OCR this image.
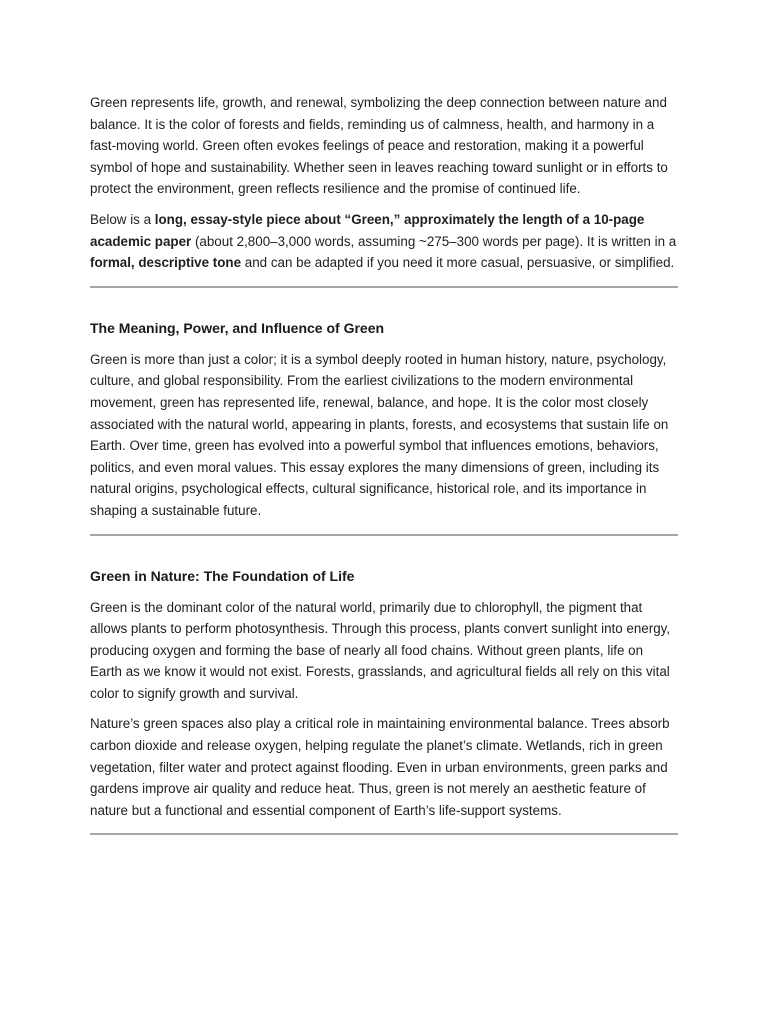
Green represents life, growth, and renewal, symbolizing the deep connection between nature and balance. It is the color of forests and fields, reminding us of calmness, health, and harmony in a fast-moving world. Green often evokes feelings of peace and restoration, making it a powerful symbol of hope and sustainability. Whether seen in leaves reaching toward sunlight or in efforts to protect the environment, green reflects resilience and the promise of continued life.

Below is a long, essay-style piece about “Green,” approximately the length of a 10-page academic paper (about 2,800–3,000 words, assuming ~275–300 words per page). It is written in a formal, descriptive tone and can be adapted if you need it more casual, persuasive, or simplified.

The Meaning, Power, and Influence of Green

Green is more than just a color; it is a symbol deeply rooted in human history, nature, psychology, culture, and global responsibility. From the earliest civilizations to the modern environmental movement, green has represented life, renewal, balance, and hope. It is the color most closely associated with the natural world, appearing in plants, forests, and ecosystems that sustain life on Earth. Over time, green has evolved into a powerful symbol that influences emotions, behaviors, politics, and even moral values. This essay explores the many dimensions of green, including its natural origins, psychological effects, cultural significance, historical role, and its importance in shaping a sustainable future.

Green in Nature: The Foundation of Life

Green is the dominant color of the natural world, primarily due to chlorophyll, the pigment that allows plants to perform photosynthesis. Through this process, plants convert sunlight into energy, producing oxygen and forming the base of nearly all food chains. Without green plants, life on Earth as we know it would not exist. Forests, grasslands, and agricultural fields all rely on this vital color to signify growth and survival.

Nature’s green spaces also play a critical role in maintaining environmental balance. Trees absorb carbon dioxide and release oxygen, helping regulate the planet’s climate. Wetlands, rich in green vegetation, filter water and protect against flooding. Even in urban environments, green parks and gardens improve air quality and reduce heat. Thus, green is not merely an aesthetic feature of nature but a functional and essential component of Earth’s life-support systems.
